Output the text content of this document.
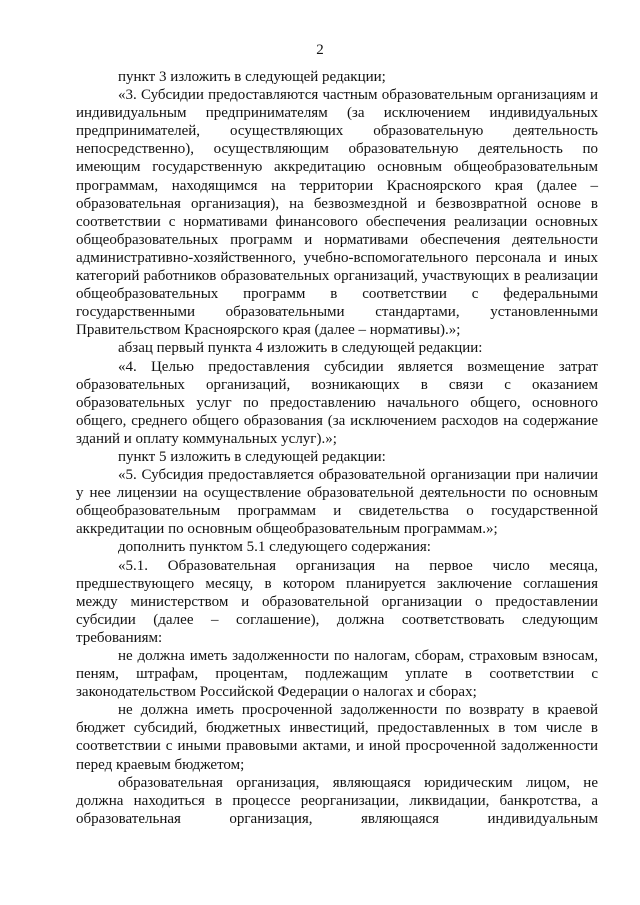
2

пункт 3 изложить в следующей редакции;

«3. Субсидии предоставляются частным образовательным организациям и индивидуальным предпринимателям (за исключением индивидуальных предпринимателей, осуществляющих образовательную деятельность непосредственно), осуществляющим образовательную деятельность по имеющим государственную аккредитацию основным общеобразовательным программам, находящимся на территории Красноярского края (далее – образовательная организация), на безвозмездной и безвозвратной основе в соответствии с нормативами финансового обеспечения реализации основных общеобразовательных программ и нормативами обеспечения деятельности административно-хозяйственного, учебно-вспомогательного персонала и иных категорий работников образовательных организаций, участвующих в реализации общеобразовательных программ в соответствии с федеральными государственными образовательными стандартами, установленными Правительством Красноярского края (далее – нормативы).»;

абзац первый пункта 4 изложить в следующей редакции:

«4. Целью предоставления субсидии является возмещение затрат образовательных организаций, возникающих в связи с оказанием образовательных услуг по предоставлению начального общего, основного общего, среднего общего образования (за исключением расходов на содержание зданий и оплату коммунальных услуг).»;

пункт 5 изложить в следующей редакции:

«5. Субсидия предоставляется образовательной организации при наличии у нее лицензии на осуществление образовательной деятельности по основным общеобразовательным программам и свидетельства о государственной аккредитации по основным общеобразовательным программам.»;

дополнить пунктом 5.1 следующего содержания:

«5.1. Образовательная организация на первое число месяца, предшествующего месяцу, в котором планируется заключение соглашения между министерством и образовательной организации о предоставлении субсидии (далее – соглашение), должна соответствовать следующим требованиям:

не должна иметь задолженности по налогам, сборам, страховым взносам, пеням, штрафам, процентам, подлежащим уплате в соответствии с законодательством Российской Федерации о налогах и сборах;

не должна иметь просроченной задолженности по возврату в краевой бюджет субсидий, бюджетных инвестиций, предоставленных в том числе в соответствии с иными правовыми актами, и иной просроченной задолженности перед краевым бюджетом;

образовательная организация, являющаяся юридическим лицом, не должна находиться в процессе реорганизации, ликвидации, банкротства, а образовательная организация, являющаяся индивидуальным
